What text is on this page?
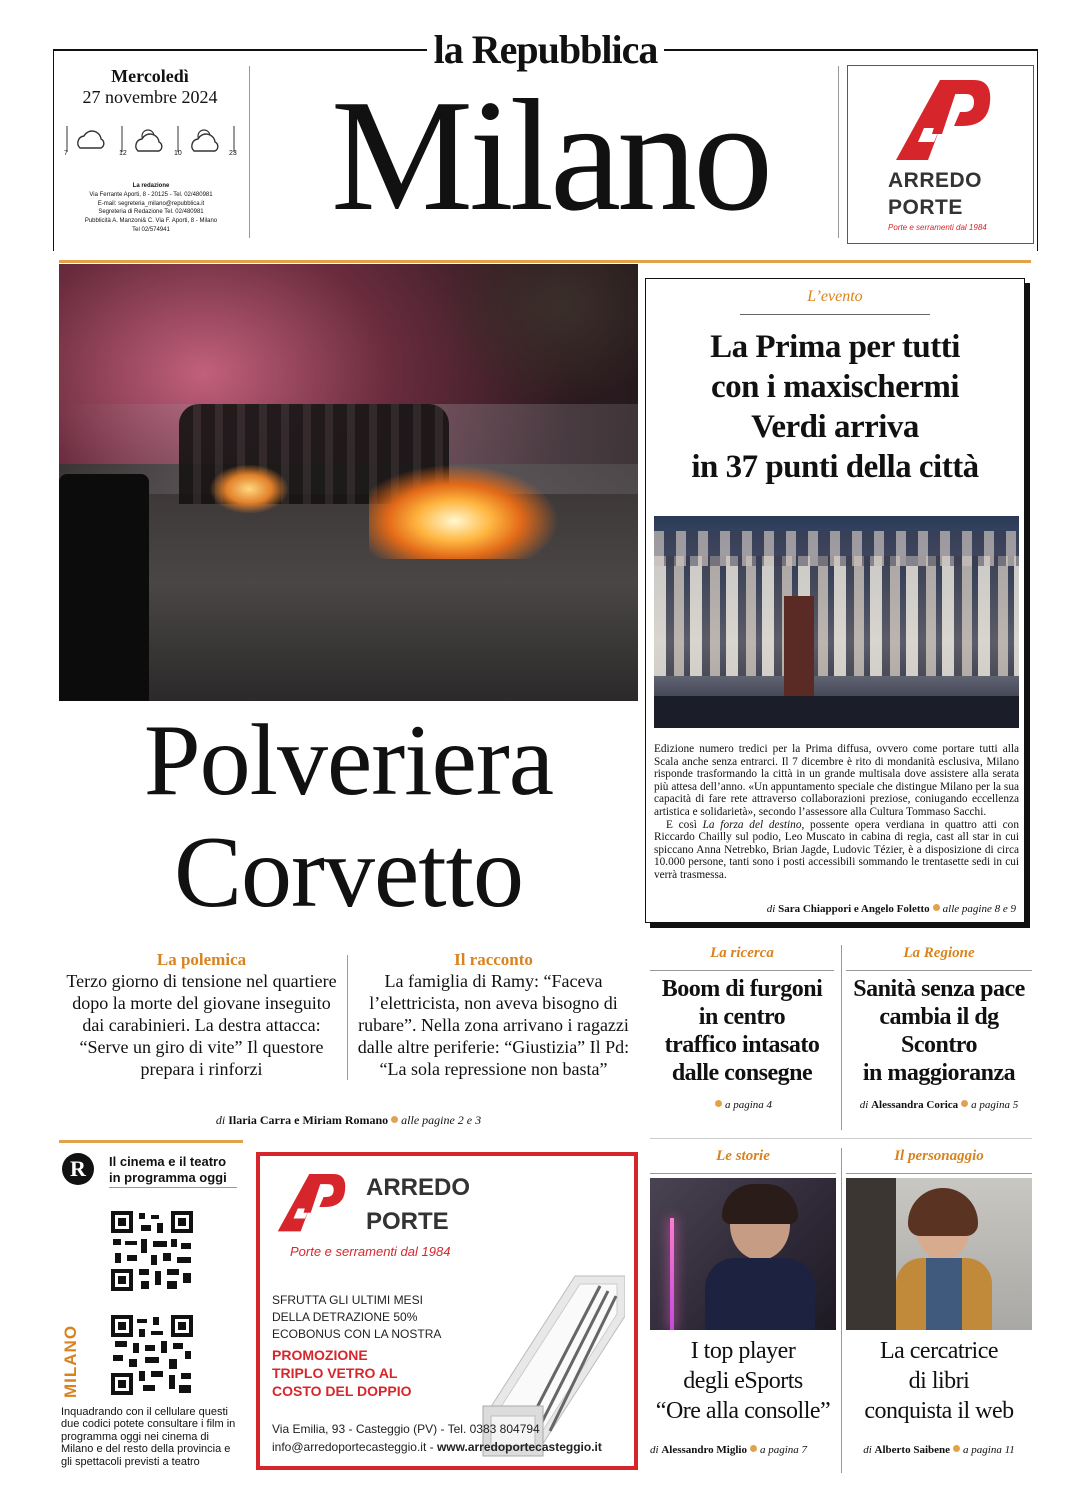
la Repubblica
Milano
Mercoledì
27 novembre 2024
7	12	10	23
La redazione
Via Ferrante Aporti, 8 - 20125 - Tel. 02/480981
E-mail: segreteria_milano@repubblica.it
Segreteria di Redazione Tel. 02/480981
Pubblicità A. Manzoni& C. Via F. Aporti, 8 - Milano
Tel 02/574941
ARREDO
PORTE
Porte e serramenti dal 1984
Polveriera
Corvetto
La polemica
Terzo giorno di tensione nel quartiere dopo la morte del giovane inseguito dai carabinieri. La destra attacca: “Serve un giro di vite” Il questore prepara i rinforzi
Il racconto
La famiglia di Ramy: “Faceva l’elettricista, non aveva bisogno di rubare”. Nella zona arrivano i ragazzi dalle altre periferie: “Giustizia” Il Pd: “La sola repressione non basta”
di Ilaria Carra e Miriam Romano alle pagine 2 e 3
L’evento
La Prima per tutti
con i maxischermi
Verdi arriva
in 37 punti della città
Edizione numero tredici per la Prima diffusa, ovvero come portare tutti alla Scala anche senza entrarci. Il 7 dicembre è rito di mondanità esclusiva, Milano risponde trasformando la città in un grande multisala dove assistere alla serata più attesa dell’anno. «Un appuntamento speciale che distingue Milano per la sua capacità di fare rete attraverso collaborazioni preziose, coniugando eccellenza artistica e solidarietà», secondo l’assessore alla Cultura Tommaso Sacchi.
E così La forza del destino, possente opera verdiana in quattro atti con Riccardo Chailly sul podio, Leo Muscato in cabina di regia, cast all star in cui spiccano Anna Netrebko, Brian Jagde, Ludovic Tézier, è a disposizione di circa 10.000 persone, tanti sono i posti accessibili sommando le trentasette sedi in cui verrà trasmessa.
di Sara Chiappori e Angelo Foletto alle pagine 8 e 9
La ricerca
Boom di furgoni
in centro
traffico intasato
dalle consegne
a pagina 4
La Regione
Sanità senza pace
cambia il dg
Scontro
in maggioranza
di Alessandra Corica a pagina 5
Le storie
I top player
degli eSports
“Ore alla consolle”
di Alessandro Miglio a pagina 7
Il personaggio
La cercatrice
di libri
conquista il web
di Alberto Saibene a pagina 11
R	Il cinema e il teatro
in programma oggi
MILANO
Inquadrando con il cellulare questi due codici potete consultare i film in programma oggi nei cinema di Milano e del resto della provincia e gli spettacoli previsti a teatro
ARREDO
PORTE
Porte e serramenti dal 1984
SFRUTTA GLI ULTIMI MESI
DELLA DETRAZIONE 50%
ECOBONUS CON LA NOSTRA
PROMOZIONE
TRIPLO VETRO AL
COSTO DEL DOPPIO
Via Emilia, 93 - Casteggio (PV) - Tel. 0383 804794
info@arredoportecasteggio.it - www.arredoportecasteggio.it
